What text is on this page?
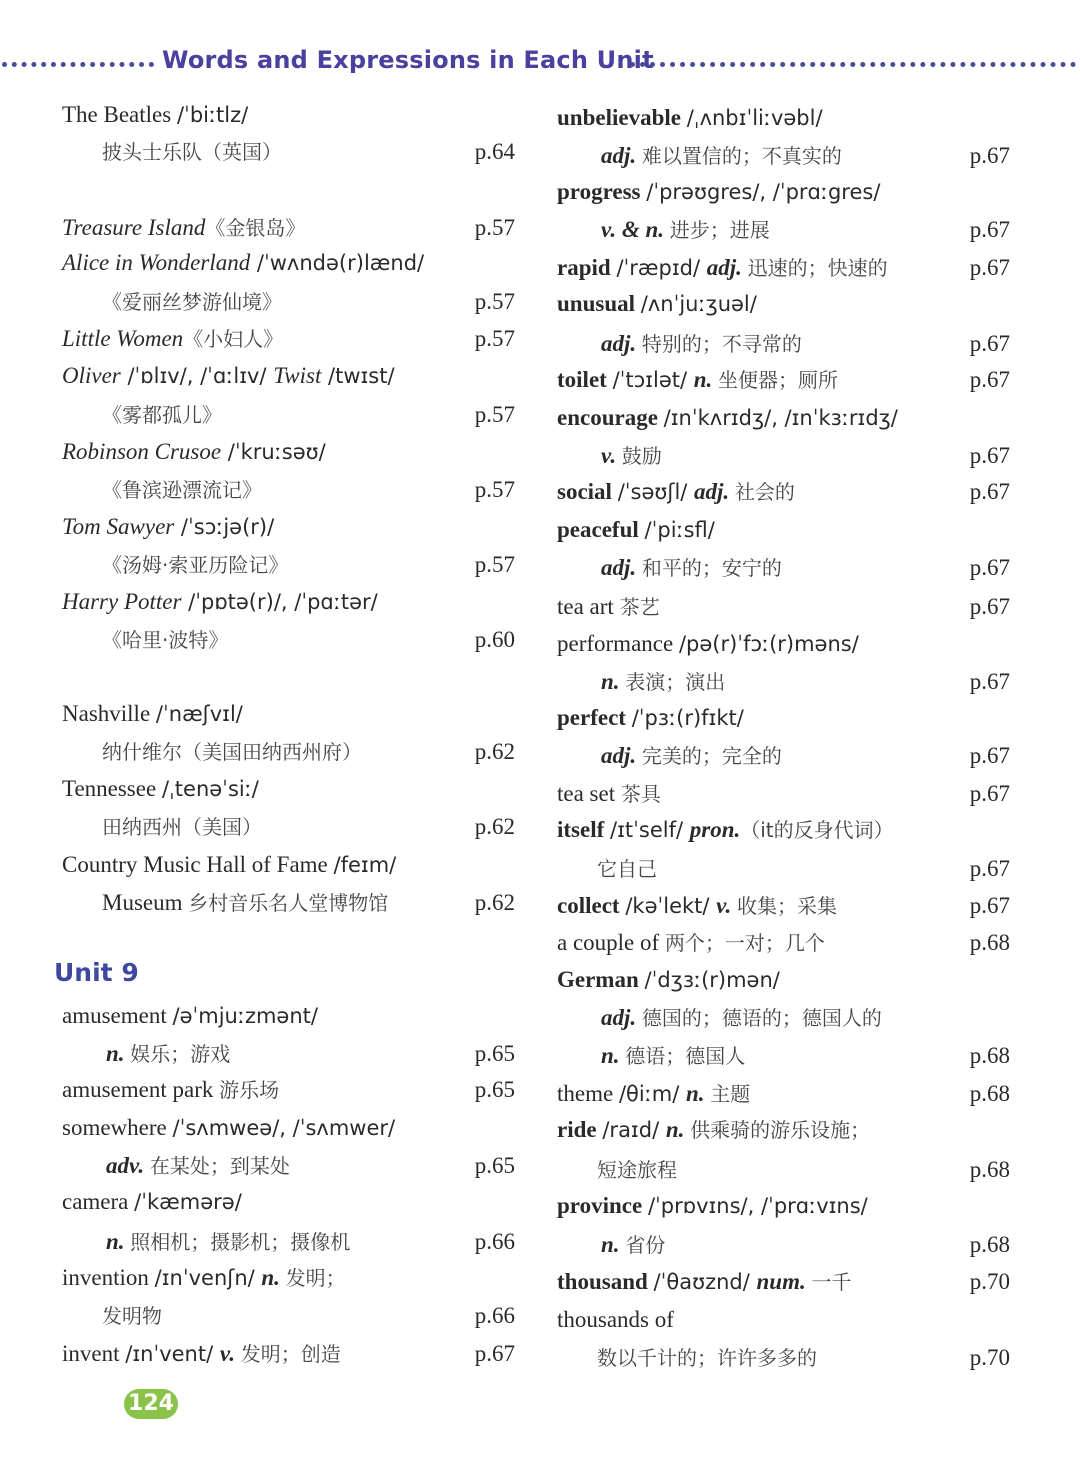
Words and Expressions in Each Unit
The Beatles /ˈbiːtlz/
披头士乐队（英国）	p.64
Treasure Island《金银岛》	p.57
Alice in Wonderland /ˈwʌndə(r)lænd/
《爱丽丝梦游仙境》	p.57
Little Women《小妇人》	p.57
Oliver /ˈɒlɪv/, /ˈɑːlɪv/ Twist /twɪst/
《雾都孤儿》	p.57
Robinson Crusoe /ˈkruːsəʊ/
《鲁滨逊漂流记》	p.57
Tom Sawyer /ˈsɔːjə(r)/
《汤姆·索亚历险记》	p.57
Harry Potter /ˈpɒtə(r)/, /ˈpɑːtər/
《哈里·波特》	p.60
Nashville /ˈnæʃvɪl/
纳什维尔（美国田纳西州府）	p.62
Tennessee /ˌtenəˈsiː/
田纳西州（美国）	p.62
Country Music Hall of Fame /feɪm/
Museum 乡村音乐名人堂博物馆	p.62
Unit 9
amusement /əˈmjuːzmənt/
n. 娱乐；游戏	p.65
amusement park 游乐场	p.65
somewhere /ˈsʌmweə/, /ˈsʌmwer/
adv. 在某处；到某处	p.65
camera /ˈkæmərə/
n. 照相机；摄影机；摄像机	p.66
invention /ɪnˈvenʃn/ n. 发明；
发明物	p.66
invent /ɪnˈvent/ v. 发明；创造	p.67
unbelievable /ˌʌnbɪˈliːvəbl/
adj. 难以置信的；不真实的	p.67
progress /ˈprəʊgres/, /ˈprɑːgres/
v. & n. 进步；进展	p.67
rapid /ˈræpɪd/ adj. 迅速的；快速的	p.67
unusual /ʌnˈjuːʒuəl/
adj. 特别的；不寻常的	p.67
toilet /ˈtɔɪlət/ n. 坐便器；厕所	p.67
encourage /ɪnˈkʌrɪdʒ/, /ɪnˈkɜːrɪdʒ/
v. 鼓励	p.67
social /ˈsəʊʃl/ adj. 社会的	p.67
peaceful /ˈpiːsfl/
adj. 和平的；安宁的	p.67
tea art 茶艺	p.67
performance /pə(r)ˈfɔː(r)məns/
n. 表演；演出	p.67
perfect /ˈpɜː(r)fɪkt/
adj. 完美的；完全的	p.67
tea set 茶具	p.67
itself /ɪtˈself/ pron.（it的反身代词）
它自己	p.67
collect /kəˈlekt/ v. 收集；采集	p.67
a couple of 两个；一对；几个	p.68
German /ˈdʒɜː(r)mən/
adj. 德国的；德语的；德国人的
n. 德语；德国人	p.68
theme /θiːm/ n. 主题	p.68
ride /raɪd/ n. 供乘骑的游乐设施；
短途旅程	p.68
province /ˈprɒvɪns/, /ˈprɑːvɪns/
n. 省份	p.68
thousand /ˈθaʊznd/ num. 一千	p.70
thousands of
数以千计的；许许多多的	p.70
124
